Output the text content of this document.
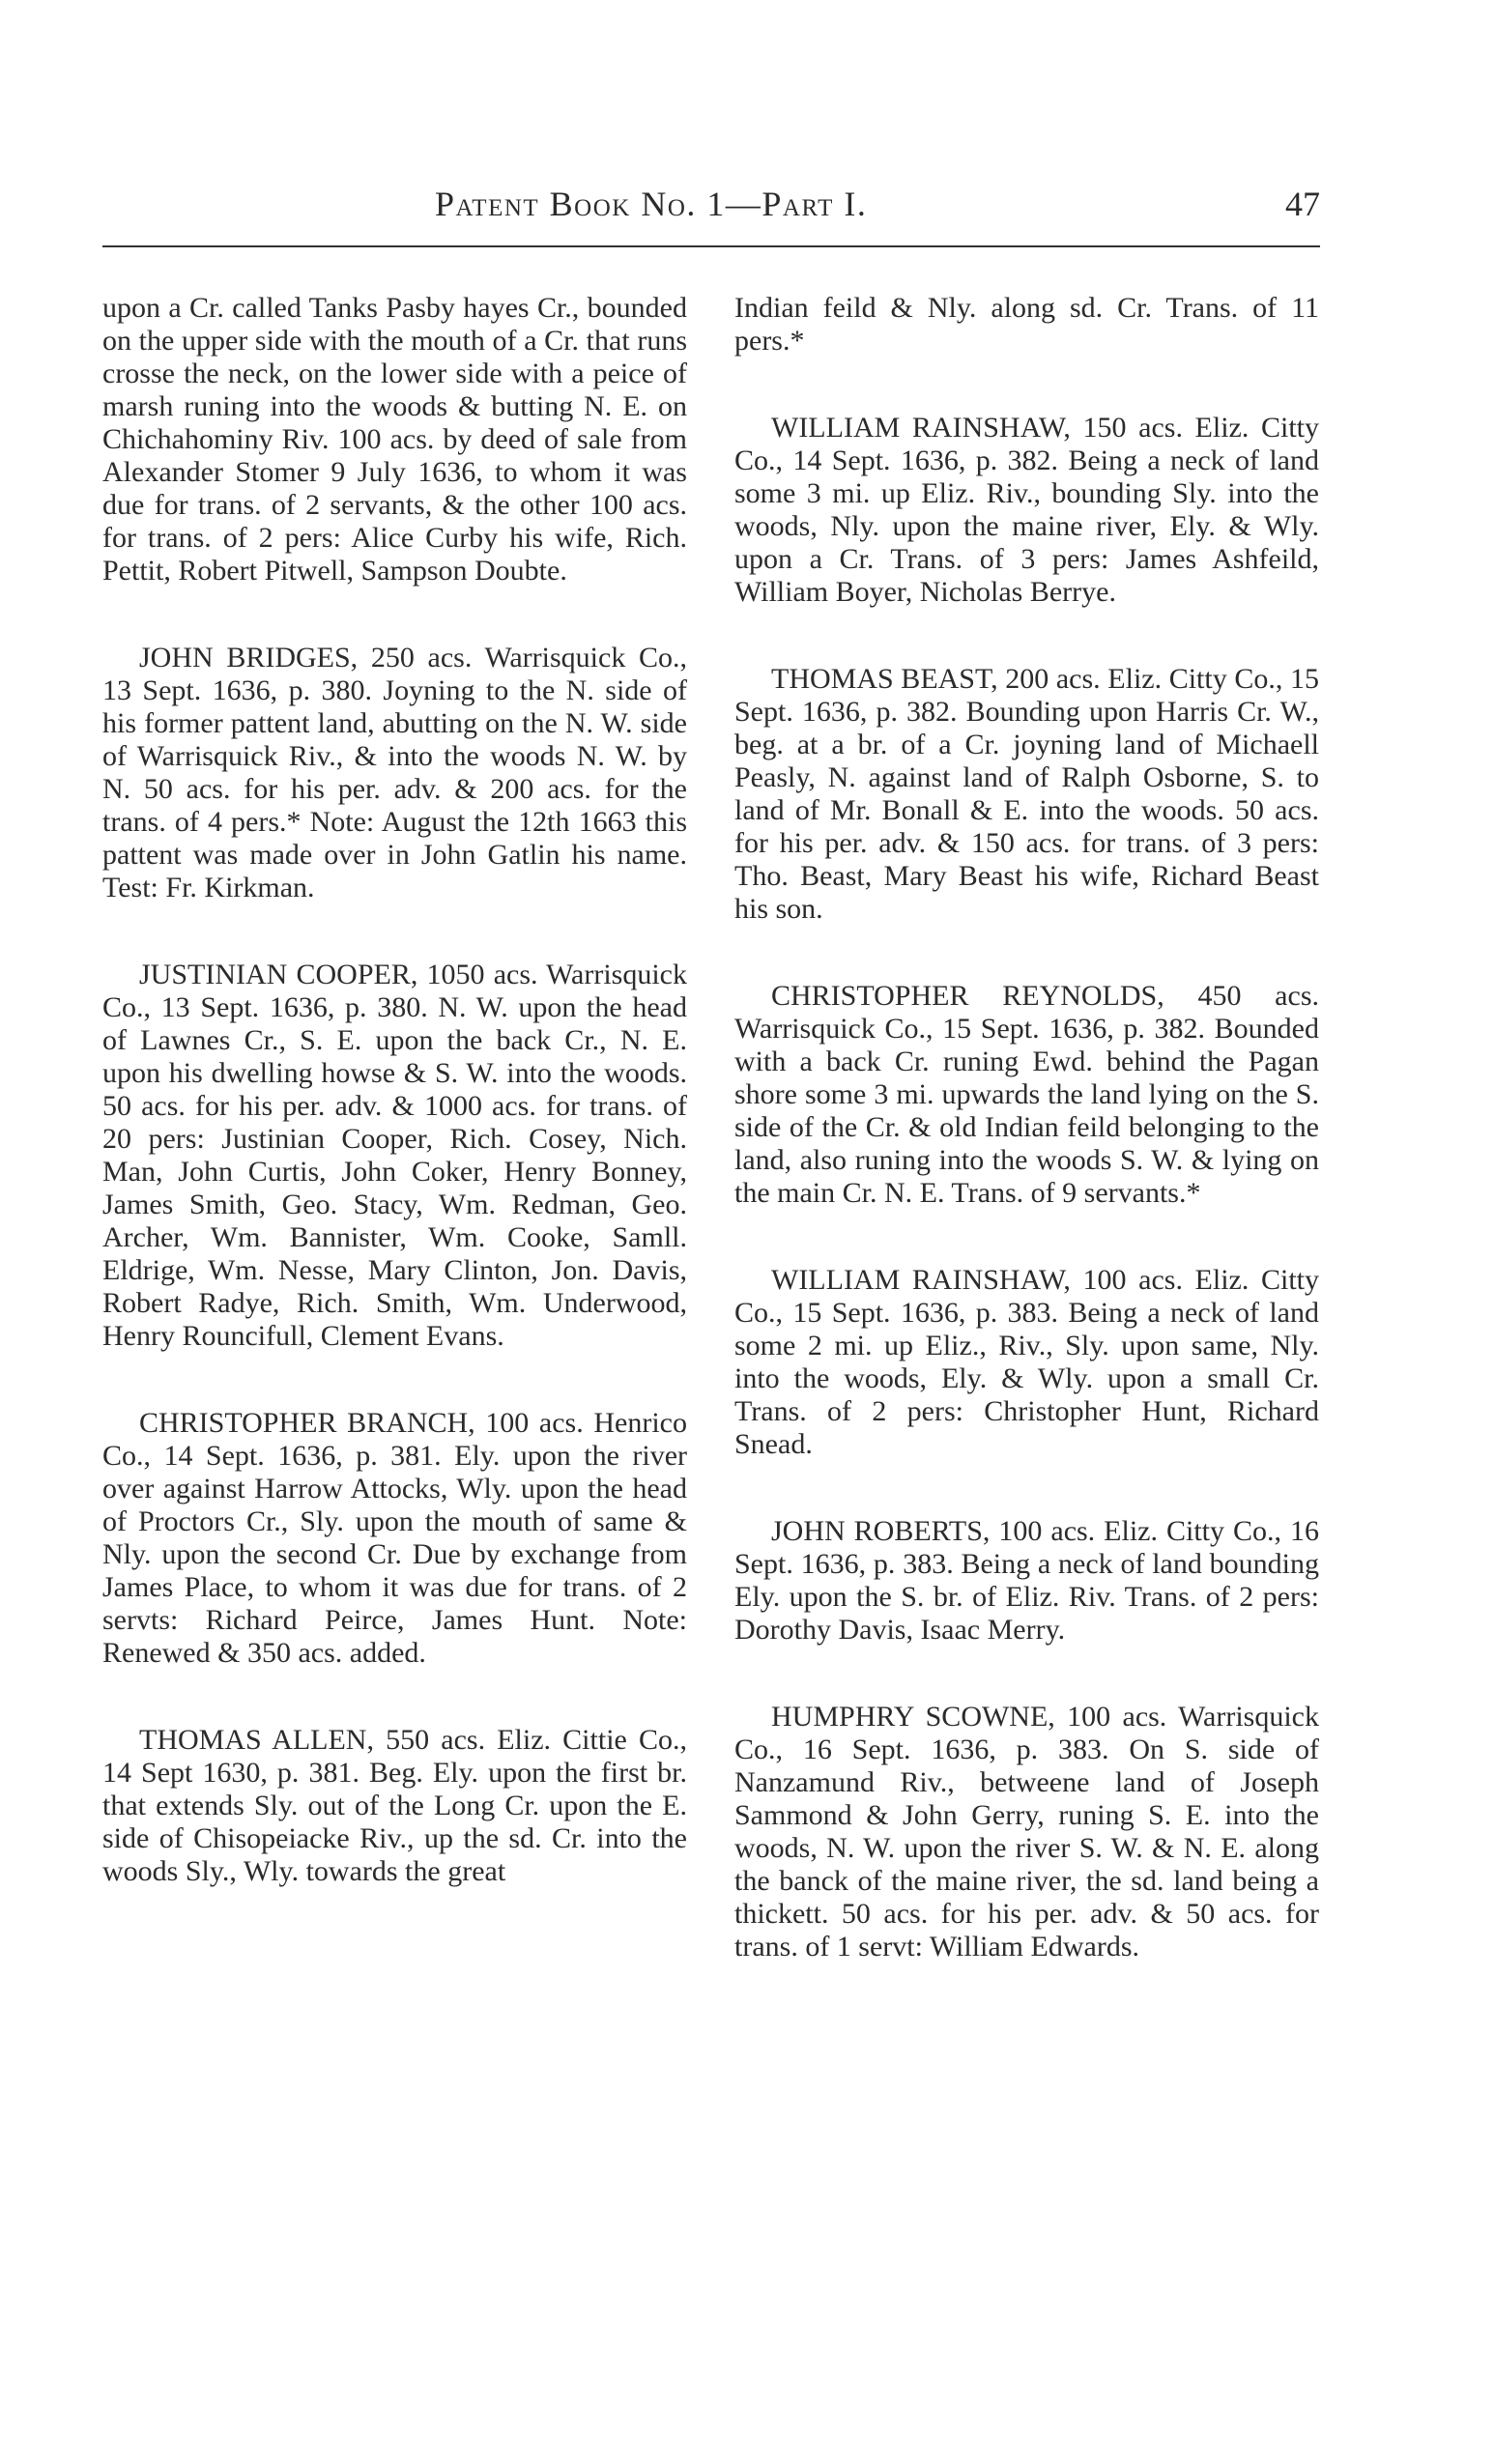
Patent Book No. 1—Part I.	47

upon a Cr. called Tanks Pasby hayes Cr., bounded on the upper side with the mouth of a Cr. that runs crosse the neck, on the lower side with a peice of marsh runing into the woods & butting N. E. on Chichahominy Riv. 100 acs. by deed of sale from Alexander Stomer 9 July 1636, to whom it was due for trans. of 2 servants, & the other 100 acs. for trans. of 2 pers: Alice Curby his wife, Rich. Pettit, Robert Pitwell, Sampson Doubte.

JOHN BRIDGES, 250 acs. Warrisquick Co., 13 Sept. 1636, p. 380. Joyning to the N. side of his former pattent land, abutting on the N. W. side of Warrisquick Riv., & into the woods N. W. by N. 50 acs. for his per. adv. & 200 acs. for the trans. of 4 pers.* Note: August the 12th 1663 this pattent was made over in John Gatlin his name. Test: Fr. Kirkman.

JUSTINIAN COOPER, 1050 acs. Warrisquick Co., 13 Sept. 1636, p. 380. N. W. upon the head of Lawnes Cr., S. E. upon the back Cr., N. E. upon his dwelling howse & S. W. into the woods. 50 acs. for his per. adv. & 1000 acs. for trans. of 20 pers: Justinian Cooper, Rich. Cosey, Nich. Man, John Curtis, John Coker, Henry Bonney, James Smith, Geo. Stacy, Wm. Redman, Geo. Archer, Wm. Bannister, Wm. Cooke, Samll. Eldrige, Wm. Nesse, Mary Clinton, Jon. Davis, Robert Radye, Rich. Smith, Wm. Underwood, Henry Rouncifull, Clement Evans.

CHRISTOPHER BRANCH, 100 acs. Henrico Co., 14 Sept. 1636, p. 381. Ely. upon the river over against Harrow Attocks, Wly. upon the head of Proctors Cr., Sly. upon the mouth of same & Nly. upon the second Cr. Due by exchange from James Place, to whom it was due for trans. of 2 servts: Richard Peirce, James Hunt. Note: Renewed & 350 acs. added.

THOMAS ALLEN, 550 acs. Eliz. Cittie Co., 14 Sept 1630, p. 381. Beg. Ely. upon the first br. that extends Sly. out of the Long Cr. upon the E. side of Chisopeiacke Riv., up the sd. Cr. into the woods Sly., Wly. towards the great

Indian feild & Nly. along sd. Cr. Trans. of 11 pers.*

WILLIAM RAINSHAW, 150 acs. Eliz. Citty Co., 14 Sept. 1636, p. 382. Being a neck of land some 3 mi. up Eliz. Riv., bounding Sly. into the woods, Nly. upon the maine river, Ely. & Wly. upon a Cr. Trans. of 3 pers: James Ashfeild, William Boyer, Nicholas Berrye.

THOMAS BEAST, 200 acs. Eliz. Citty Co., 15 Sept. 1636, p. 382. Bounding upon Harris Cr. W., beg. at a br. of a Cr. joyning land of Michaell Peasly, N. against land of Ralph Osborne, S. to land of Mr. Bonall & E. into the woods. 50 acs. for his per. adv. & 150 acs. for trans. of 3 pers: Tho. Beast, Mary Beast his wife, Richard Beast his son.

CHRISTOPHER REYNOLDS, 450 acs. Warrisquick Co., 15 Sept. 1636, p. 382. Bounded with a back Cr. runing Ewd. behind the Pagan shore some 3 mi. upwards the land lying on the S. side of the Cr. & old Indian feild belonging to the land, also runing into the woods S. W. & lying on the main Cr. N. E. Trans. of 9 servants.*

WILLIAM RAINSHAW, 100 acs. Eliz. Citty Co., 15 Sept. 1636, p. 383. Being a neck of land some 2 mi. up Eliz., Riv., Sly. upon same, Nly. into the woods, Ely. & Wly. upon a small Cr. Trans. of 2 pers: Christopher Hunt, Richard Snead.

JOHN ROBERTS, 100 acs. Eliz. Citty Co., 16 Sept. 1636, p. 383. Being a neck of land bounding Ely. upon the S. br. of Eliz. Riv. Trans. of 2 pers: Dorothy Davis, Isaac Merry.

HUMPHRY SCOWNE, 100 acs. Warrisquick Co., 16 Sept. 1636, p. 383. On S. side of Nanzamund Riv., betweene land of Joseph Sammond & John Gerry, runing S. E. into the woods, N. W. upon the river S. W. & N. E. along the banck of the maine river, the sd. land being a thickett. 50 acs. for his per. adv. & 50 acs. for trans. of 1 servt: William Edwards.
